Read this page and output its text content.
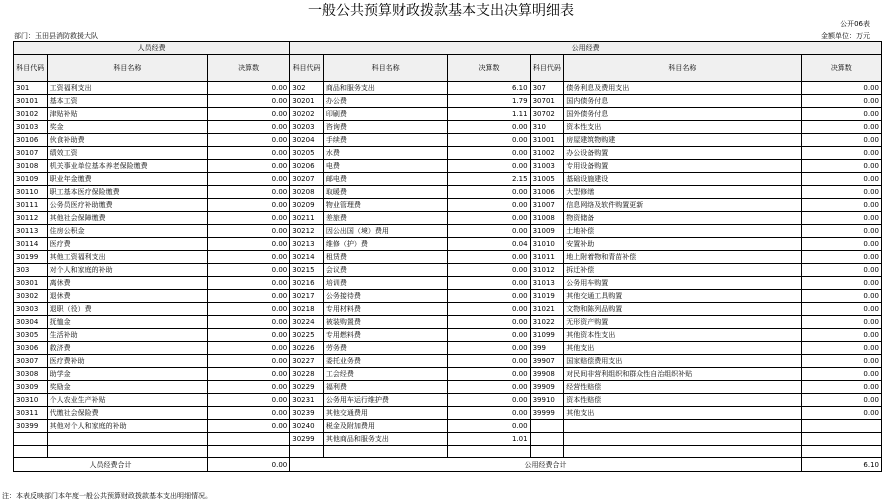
一般公共预算财政拨款基本支出决算明细表
公开06表
部门：玉田县消防救援大队	金额单位：万元
人员经费			公用经费					
科目代码	科目名称	决算数	科目代码	科目名称	决算数	科目代码	科目名称	决算数
301	工资福利支出	0.00	302	商品和服务支出	6.10	307	债务利息及费用支出	0.00
30101	基本工资	0.00	30201	办公费	1.79	30701	国内债务付息	0.00
30102	津贴补贴	0.00	30202	印刷费	1.11	30702	国外债务付息	0.00
30103	奖金	0.00	30203	咨询费	0.00	310	资本性支出	0.00
30106	伙食补助费	0.00	30204	手续费	0.00	31001	房屋建筑物购建	0.00
30107	绩效工资	0.00	30205	水费	0.00	31002	办公设备购置	0.00
30108	机关事业单位基本养老保险缴费	0.00	30206	电费	0.00	31003	专用设备购置	0.00
30109	职业年金缴费	0.00	30207	邮电费	2.15	31005	基础设施建设	0.00
30110	职工基本医疗保险缴费	0.00	30208	取暖费	0.00	31006	大型修缮	0.00
30111	公务员医疗补助缴费	0.00	30209	物业管理费	0.00	31007	信息网络及软件购置更新	0.00
30112	其他社会保障缴费	0.00	30211	差旅费	0.00	31008	物资储备	0.00
30113	住房公积金	0.00	30212	因公出国（境）费用	0.00	31009	土地补偿	0.00
30114	医疗费	0.00	30213	维修（护）费	0.04	31010	安置补助	0.00
30199	其他工资福利支出	0.00	30214	租赁费	0.00	31011	地上附着物和青苗补偿	0.00
303	对个人和家庭的补助	0.00	30215	会议费	0.00	31012	拆迁补偿	0.00
30301	离休费	0.00	30216	培训费	0.00	31013	公务用车购置	0.00
30302	退休费	0.00	30217	公务接待费	0.00	31019	其他交通工具购置	0.00
30303	退职（役）费	0.00	30218	专用材料费	0.00	31021	文物和陈列品购置	0.00
30304	抚恤金	0.00	30224	被装购置费	0.00	31022	无形资产购置	0.00
30305	生活补助	0.00	30225	专用燃料费	0.00	31099	其他资本性支出	0.00
30306	救济费	0.00	30226	劳务费	0.00	399	其他支出	0.00
30307	医疗费补助	0.00	30227	委托业务费	0.00	39907	国家赔偿费用支出	0.00
30308	助学金	0.00	30228	工会经费	0.00	39908	对民间非营利组织和群众性自治组织补贴	0.00
30309	奖励金	0.00	30229	福利费	0.00	39909	经营性赔偿	0.00
30310	个人农业生产补贴	0.00	30231	公务用车运行维护费	0.00	39910	资本性赔偿	0.00
30311	代缴社会保险费	0.00	30239	其他交通费用	0.00	39999	其他支出	0.00
30399	其他对个人和家庭的补助	0.00	30240	税金及附加费用	0.00			
			30299	其他商品和服务支出	1.01			

人员经费合计		0.00	公用经费合计					6.10
注：本表反映部门本年度一般公共预算财政拨款基本支出明细情况。
